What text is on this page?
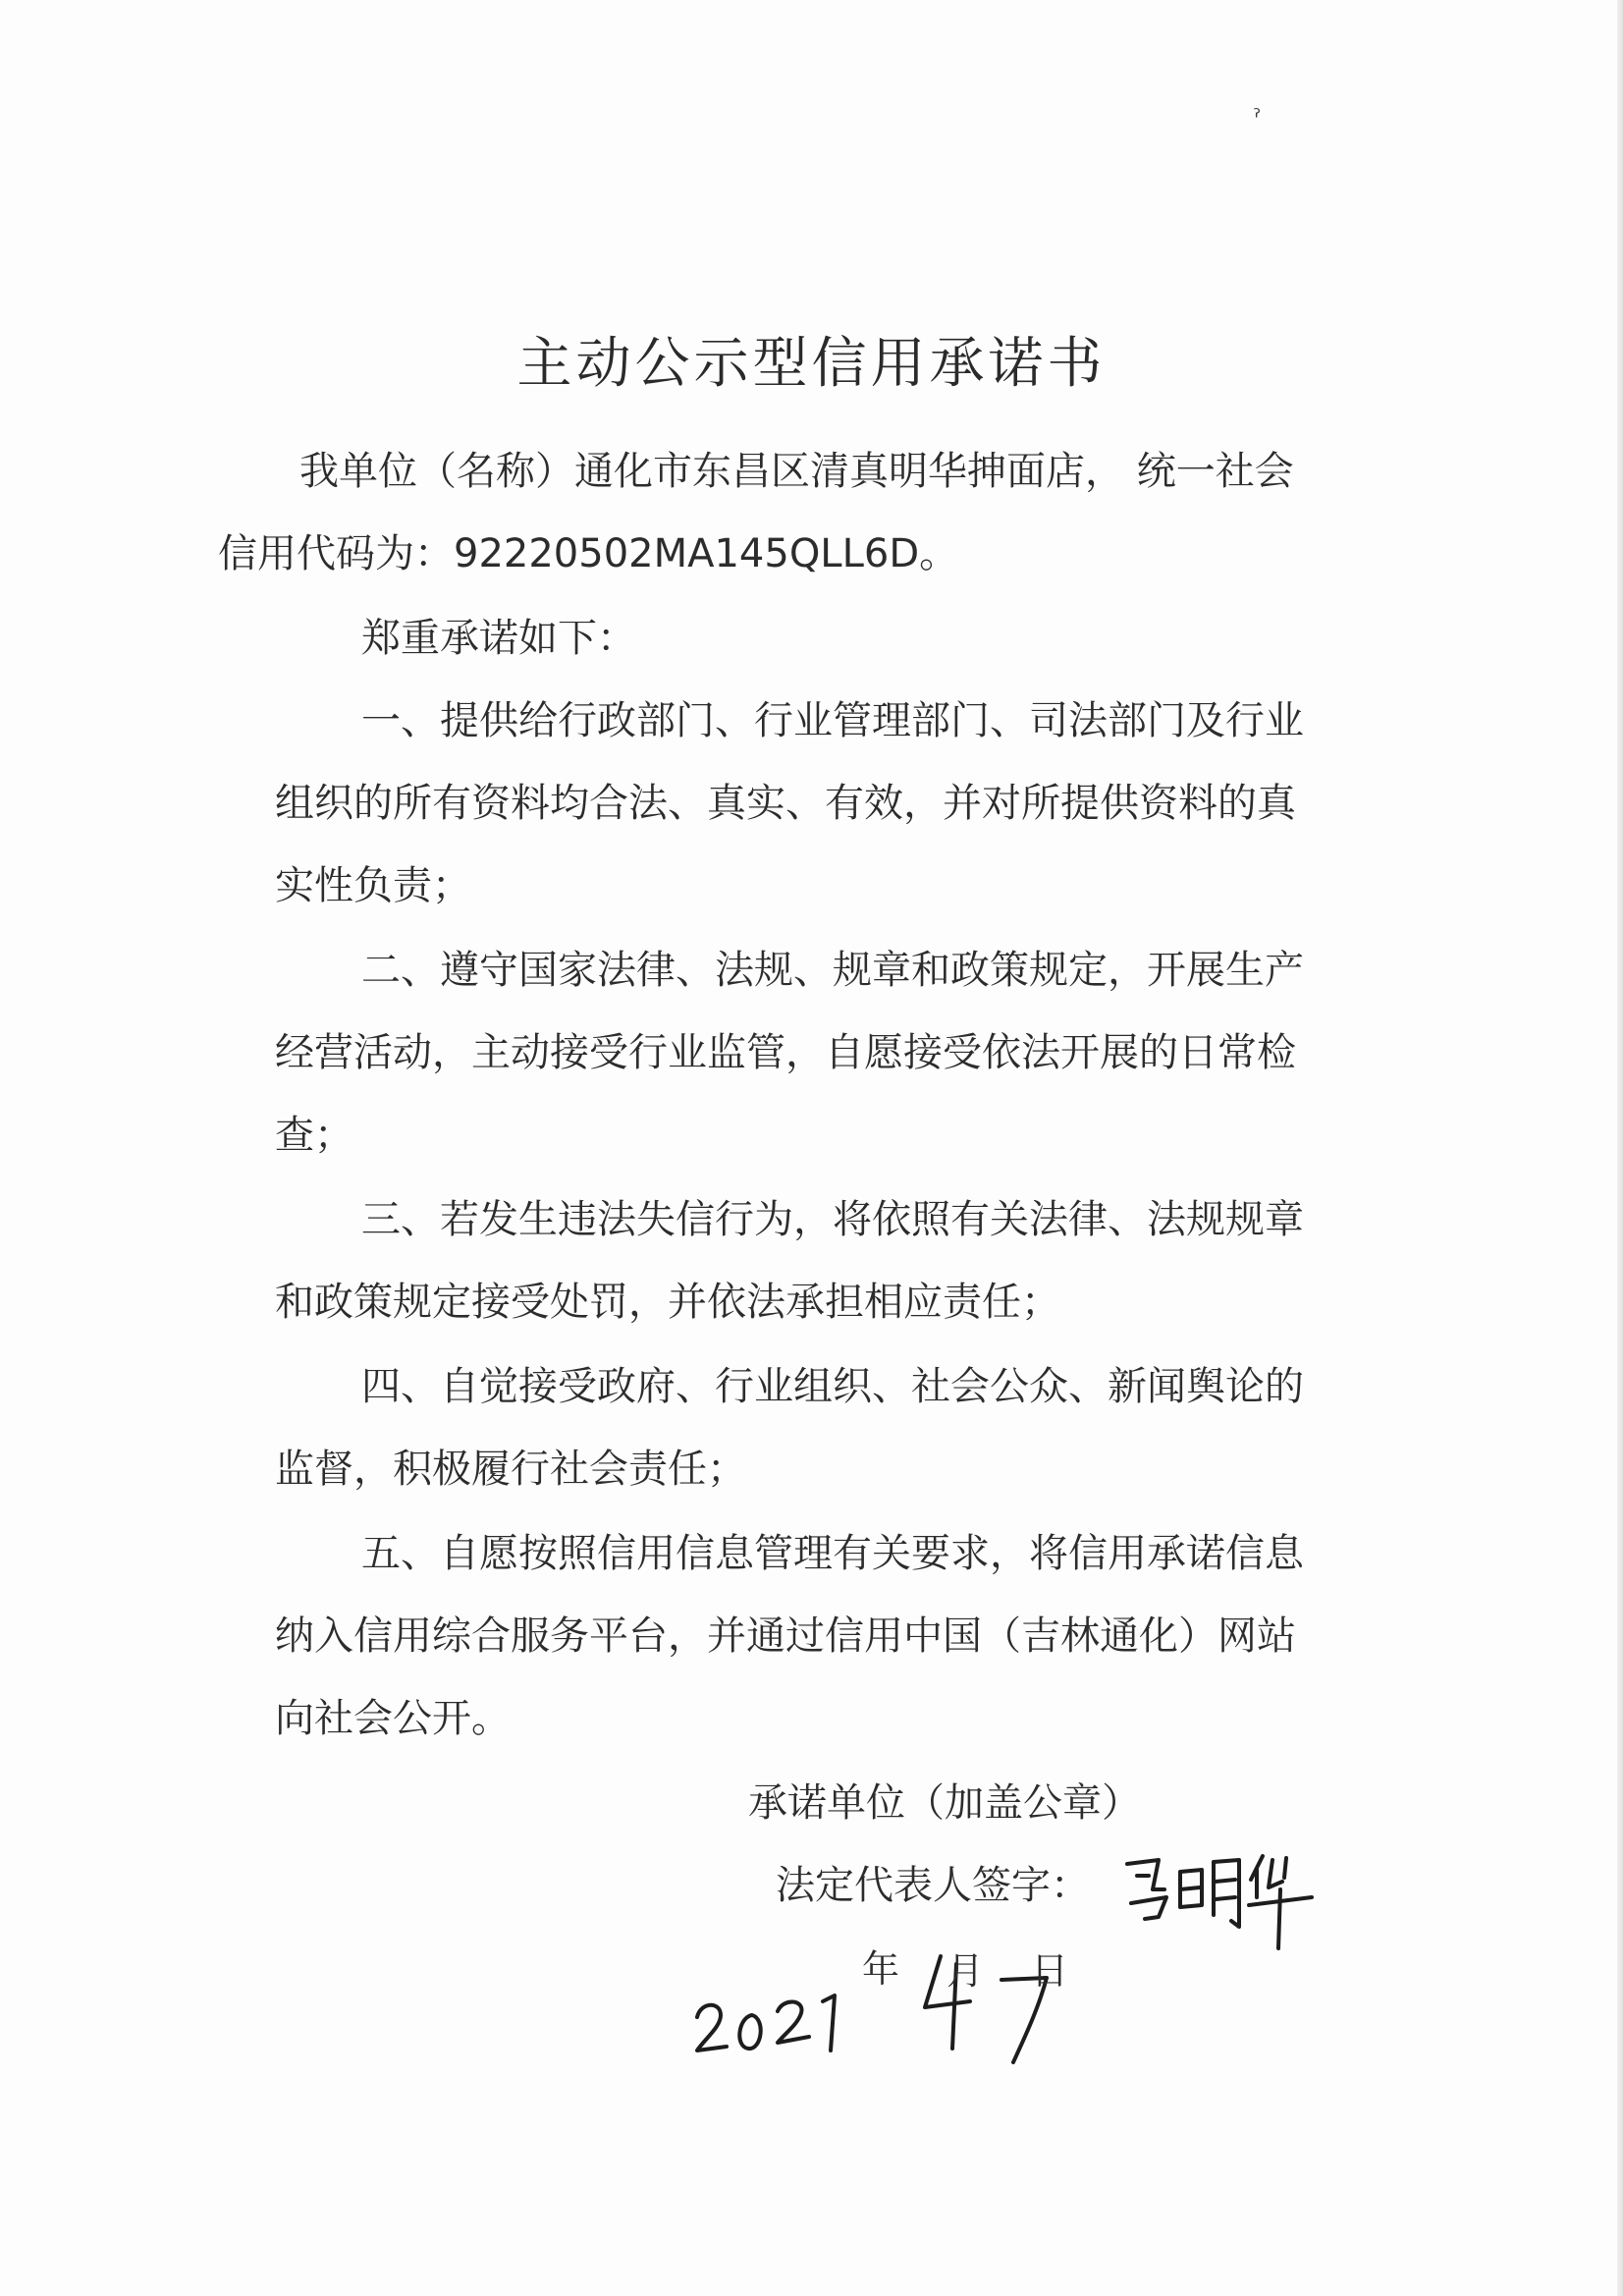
ˀ
主动公示型信用承诺书
我单位（名称）通化市东昌区清真明华抻面店， 统一社会
信用代码为：92220502MA145QLL6D。
郑重承诺如下：
一、提供给行政部门、行业管理部门、司法部门及行业
组织的所有资料均合法、真实、有效，并对所提供资料的真
实性负责；
二、遵守国家法律、法规、规章和政策规定，开展生产
经营活动，主动接受行业监管，自愿接受依法开展的日常检
查；
三、若发生违法失信行为，将依照有关法律、法规规章
和政策规定接受处罚，并依法承担相应责任；
四、自觉接受政府、行业组织、社会公众、新闻舆论的
监督，积极履行社会责任；
五、自愿按照信用信息管理有关要求，将信用承诺信息
纳入信用综合服务平台，并通过信用中国（吉林通化）网站
向社会公开。
承诺单位（加盖公章）
法定代表人签字：
年 月 日
